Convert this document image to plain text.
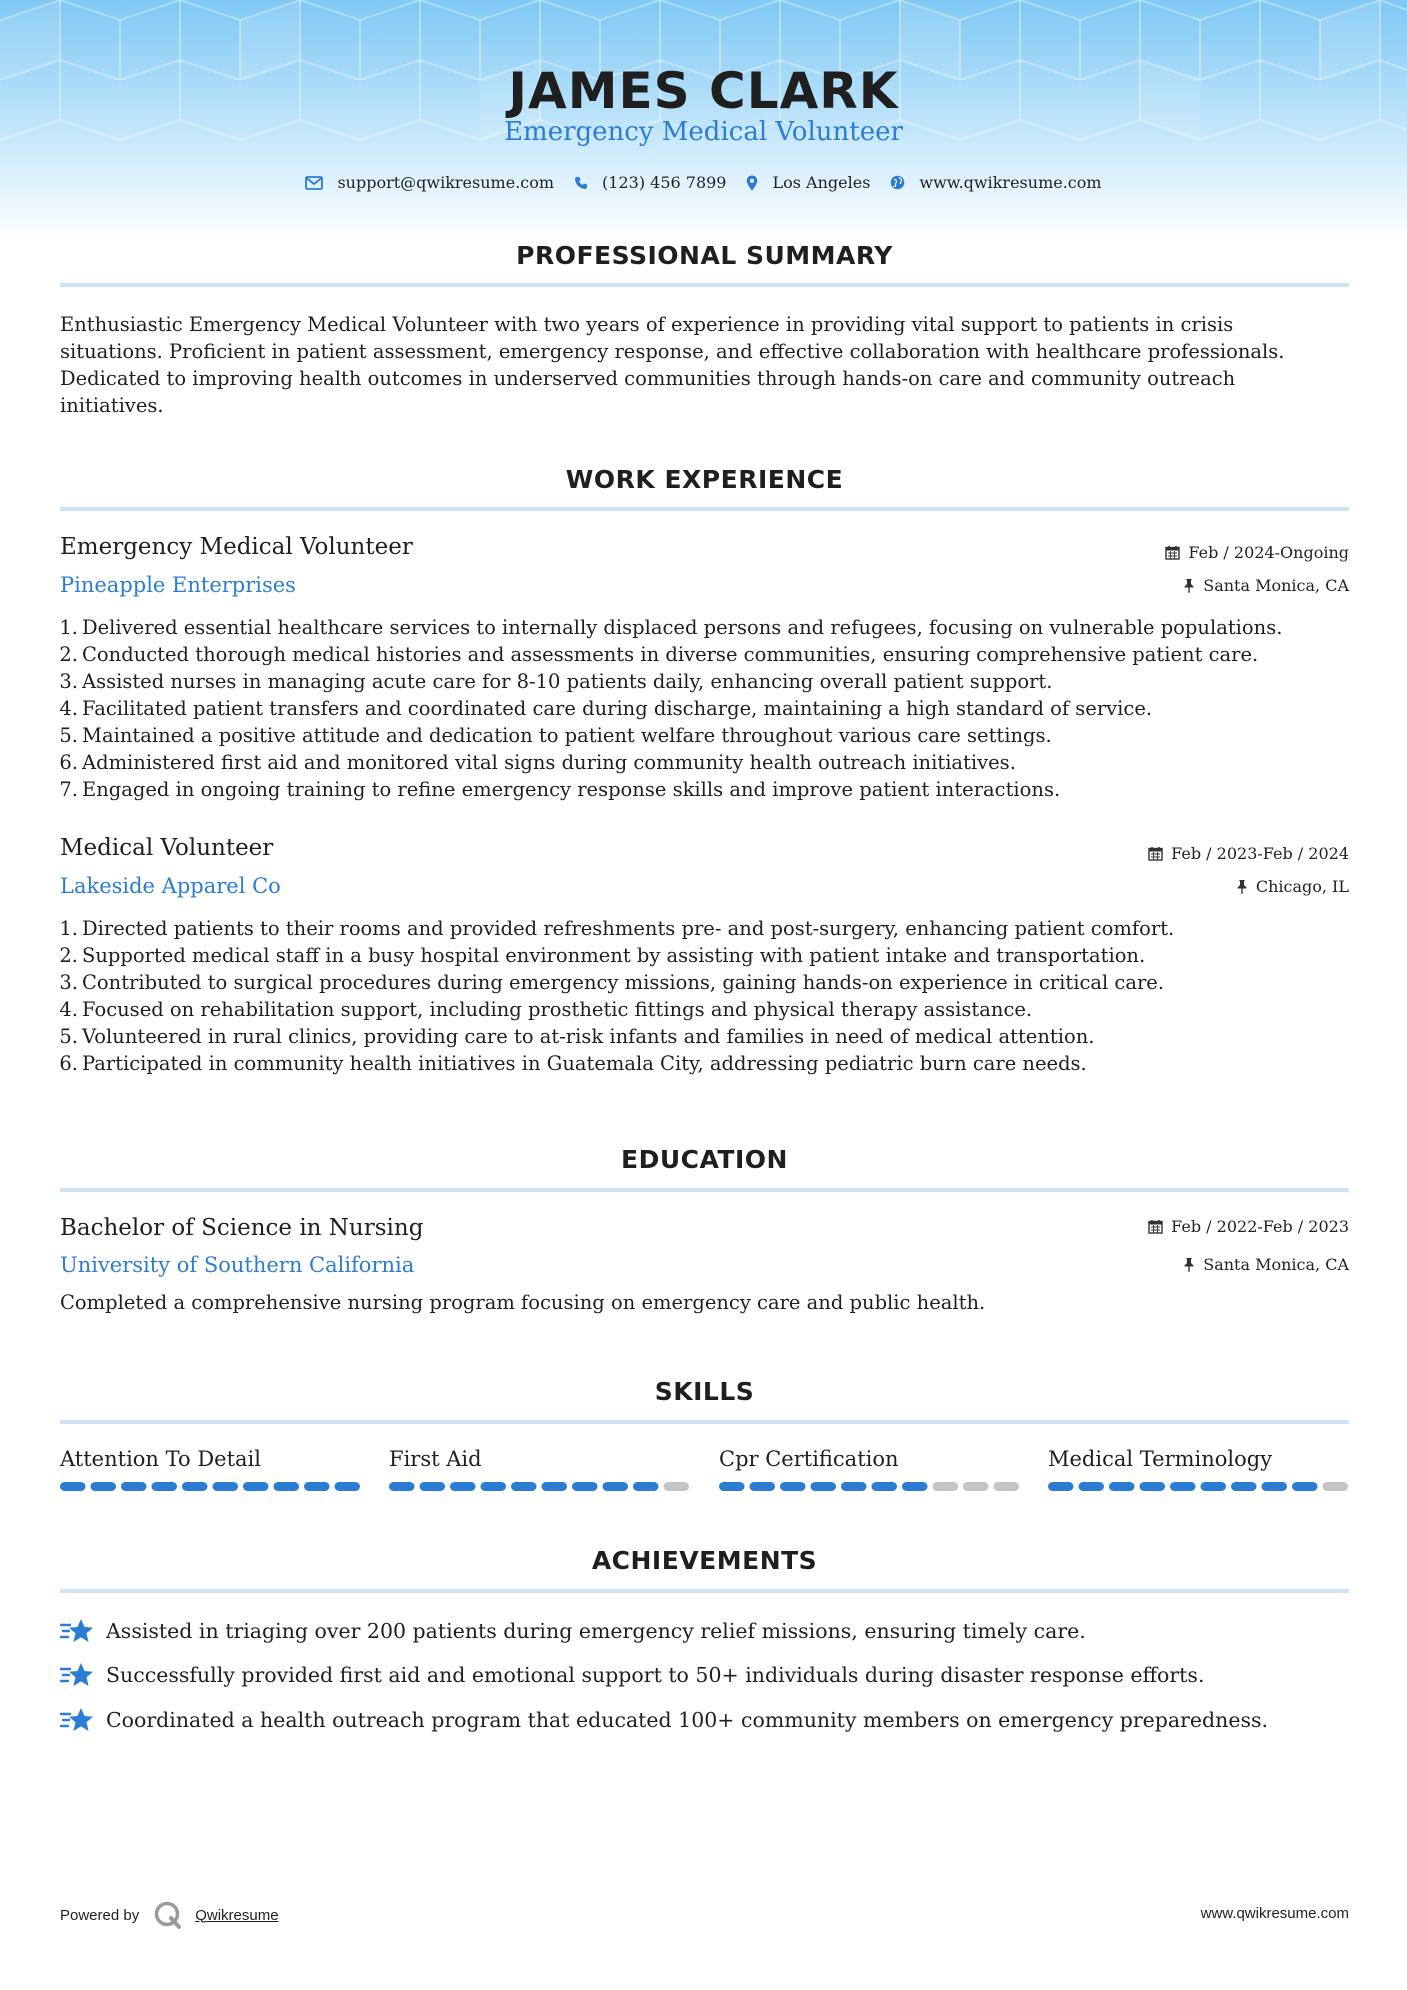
JAMES CLARK
Emergency Medical Volunteer
support@qwikresume.com	(123) 456 7899	Los Angeles	www.qwikresume.com
PROFESSIONAL SUMMARY
Enthusiastic Emergency Medical Volunteer with two years of experience in providing vital support to patients in crisis
situations. Proficient in patient assessment, emergency response, and effective collaboration with healthcare professionals.
Dedicated to improving health outcomes in underserved communities through hands-on care and community outreach
initiatives.
WORK EXPERIENCE
Emergency Medical Volunteer
Pineapple Enterprises
Feb / 2024-Ongoing
Santa Monica, CA
1. Delivered essential healthcare services to internally displaced persons and refugees, focusing on vulnerable populations.
2. Conducted thorough medical histories and assessments in diverse communities, ensuring comprehensive patient care.
3. Assisted nurses in managing acute care for 8-10 patients daily, enhancing overall patient support.
4. Facilitated patient transfers and coordinated care during discharge, maintaining a high standard of service.
5. Maintained a positive attitude and dedication to patient welfare throughout various care settings.
6. Administered first aid and monitored vital signs during community health outreach initiatives.
7. Engaged in ongoing training to refine emergency response skills and improve patient interactions.
Medical Volunteer
Lakeside Apparel Co
Feb / 2023-Feb / 2024
Chicago, IL
1. Directed patients to their rooms and provided refreshments pre- and post-surgery, enhancing patient comfort.
2. Supported medical staff in a busy hospital environment by assisting with patient intake and transportation.
3. Contributed to surgical procedures during emergency missions, gaining hands-on experience in critical care.
4. Focused on rehabilitation support, including prosthetic fittings and physical therapy assistance.
5. Volunteered in rural clinics, providing care to at-risk infants and families in need of medical attention.
6. Participated in community health initiatives in Guatemala City, addressing pediatric burn care needs.
EDUCATION
Bachelor of Science in Nursing
University of Southern California
Feb / 2022-Feb / 2023
Santa Monica, CA
Completed a comprehensive nursing program focusing on emergency care and public health.
SKILLS
Attention To Detail	First Aid	Cpr Certification	Medical Terminology
ACHIEVEMENTS
Assisted in triaging over 200 patients during emergency relief missions, ensuring timely care.
Successfully provided first aid and emotional support to 50+ individuals during disaster response efforts.
Coordinated a health outreach program that educated 100+ community members on emergency preparedness.
Powered by	Qwikresume	www.qwikresume.com
